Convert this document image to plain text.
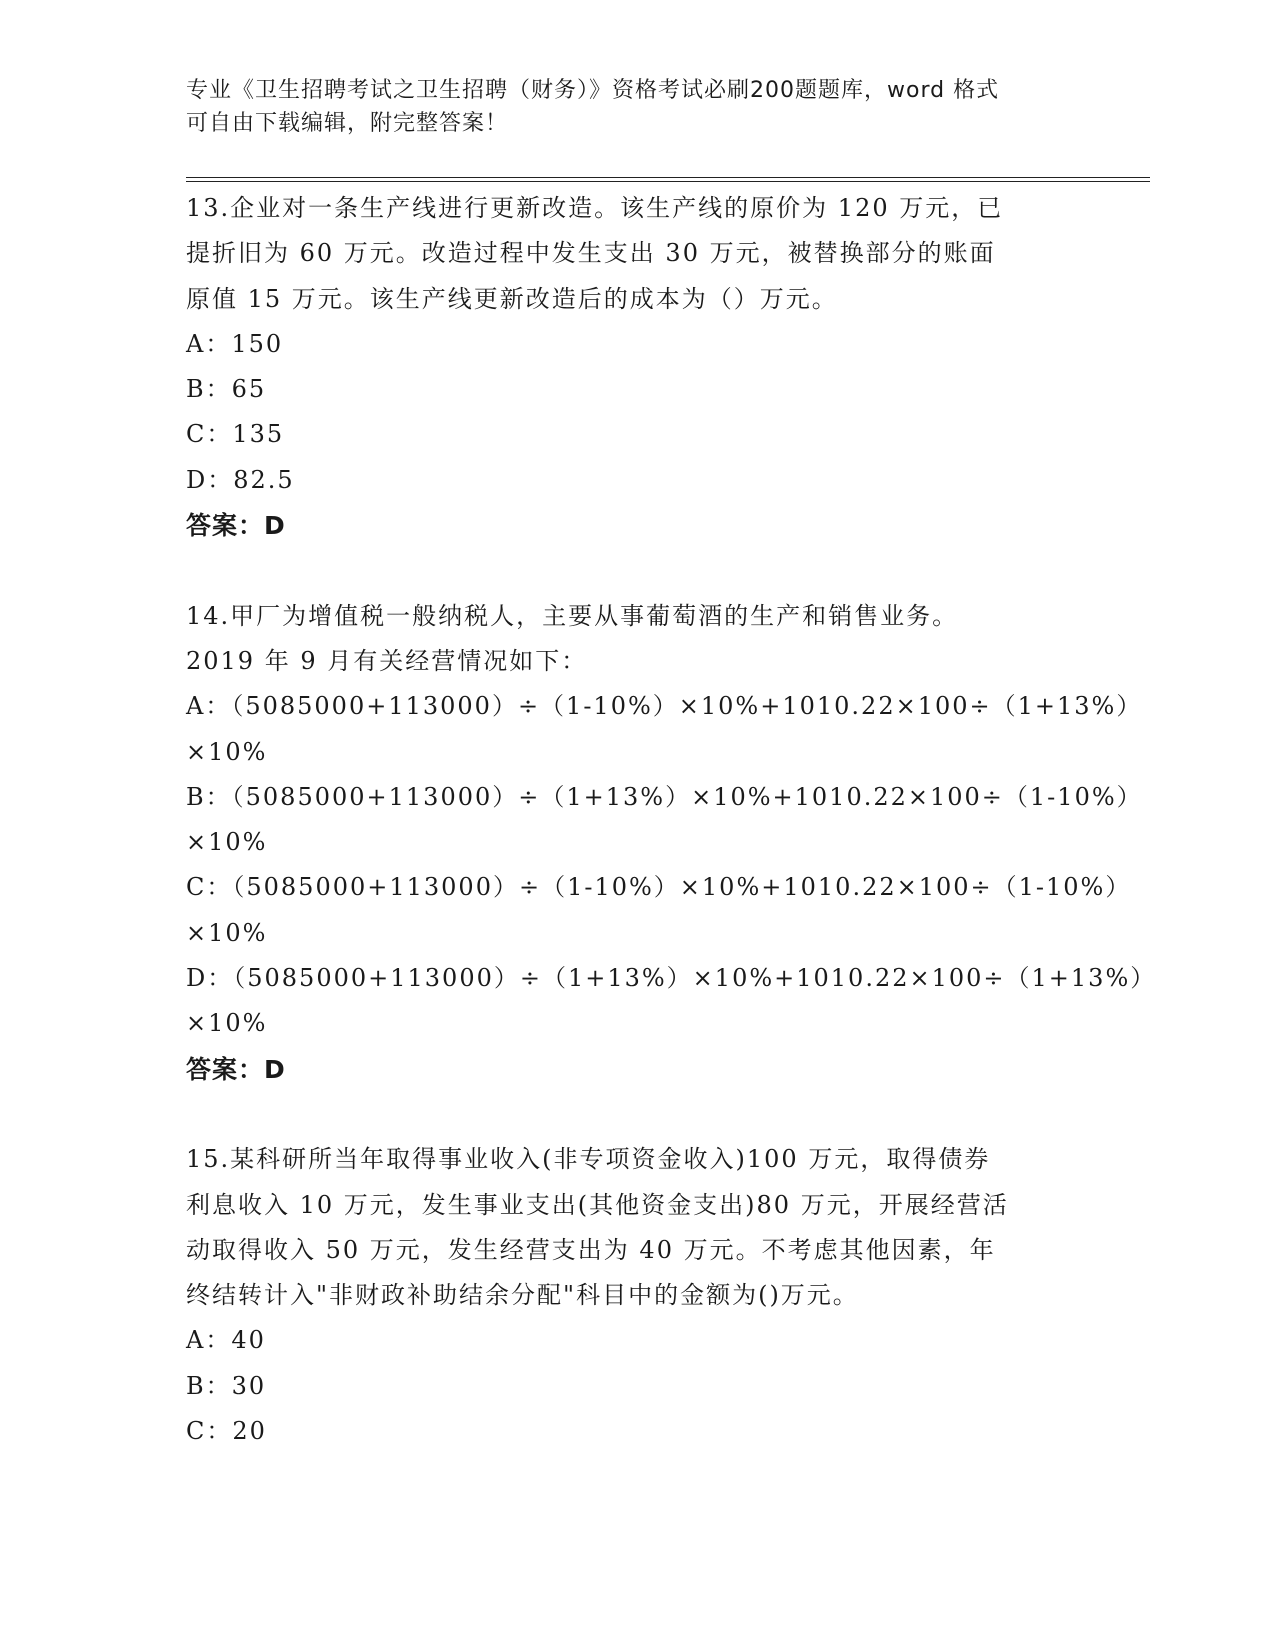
专业《卫生招聘考试之卫生招聘（财务）》资格考试必刷200题题库，word 格式

可自由下载编辑，附完整答案！

13.企业对一条生产线进行更新改造。该生产线的原价为 120 万元，已
提折旧为 60 万元。改造过程中发生支出 30 万元，被替换部分的账面
原值 15 万元。该生产线更新改造后的成本为（）万元。
A：150
B：65
C：135
D：82.5
答案：D
14.甲厂为增值税一般纳税人，主要从事葡萄酒的生产和销售业务。
2019 年 9 月有关经营情况如下：
A：（5085000+113000）÷（1-10%）×10%+1010.22×100÷（1+13%）
×10%
B：（5085000+113000）÷（1+13%）×10%+1010.22×100÷（1-10%）
×10%
C：（5085000+113000）÷（1-10%）×10%+1010.22×100÷（1-10%）
×10%
D：（5085000+113000）÷（1+13%）×10%+1010.22×100÷（1+13%）
×10%
答案：D
15.某科研所当年取得事业收入(非专项资金收入)100 万元，取得债券
利息收入 10 万元，发生事业支出(其他资金支出)80 万元，开展经营活
动取得收入 50 万元，发生经营支出为 40 万元。不考虑其他因素，年
终结转计入"非财政补助结余分配"科目中的金额为()万元。
A：40
B：30
C：20
